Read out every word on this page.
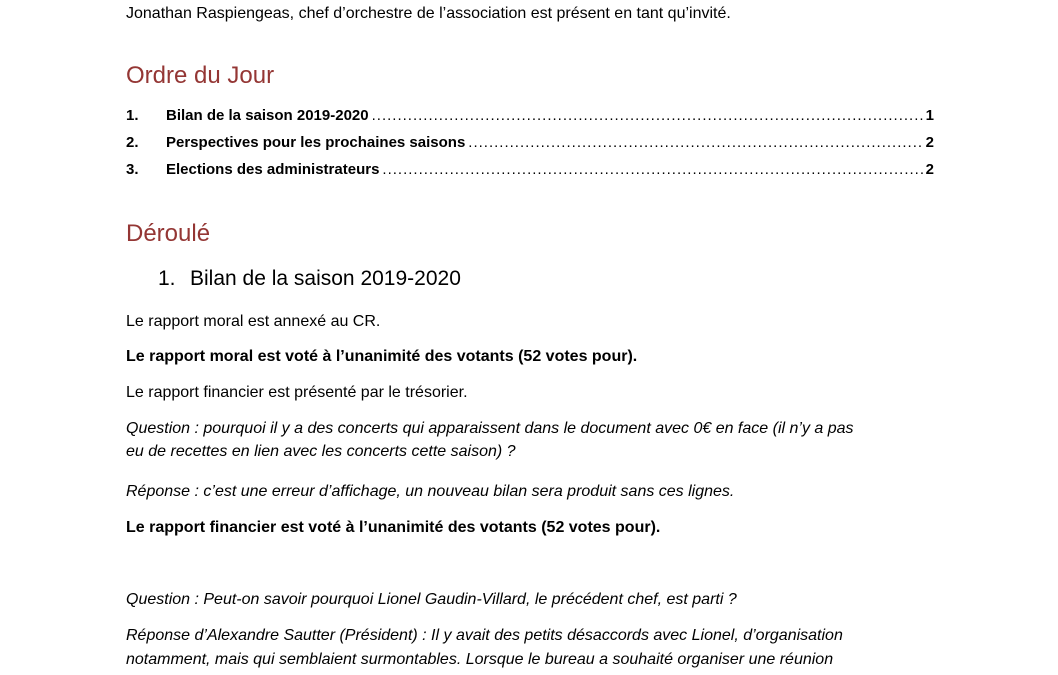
Jonathan Raspiengeas, chef d’orchestre de l’association est présent en tant qu’invité.
Ordre du Jour
1.	Bilan de la saison 2019-2020 .....	1
2.	Perspectives pour les prochaines saisons .....	2
3.	Elections des administrateurs .....	2
Déroulé
1. Bilan de la saison 2019-2020
Le rapport moral est annexé au CR.
Le rapport moral est voté à l’unanimité des votants (52 votes pour).
Le rapport financier est présenté par le trésorier.
Question : pourquoi il y a des concerts qui apparaissent dans le document avec 0€ en face (il n’y a pas
eu de recettes en lien avec les concerts cette saison) ?
Réponse : c’est une erreur d’affichage, un nouveau bilan sera produit sans ces lignes.
Le rapport financier est voté à l’unanimité des votants (52 votes pour).
Question : Peut-on savoir pourquoi Lionel Gaudin-Villard, le précédent chef, est parti ?
Réponse d’Alexandre Sautter (Président) : Il y avait des petits désaccords avec Lionel, d’organisation
notamment, mais qui semblaient surmontables. Lorsque le bureau a souhaité organiser une réunion
